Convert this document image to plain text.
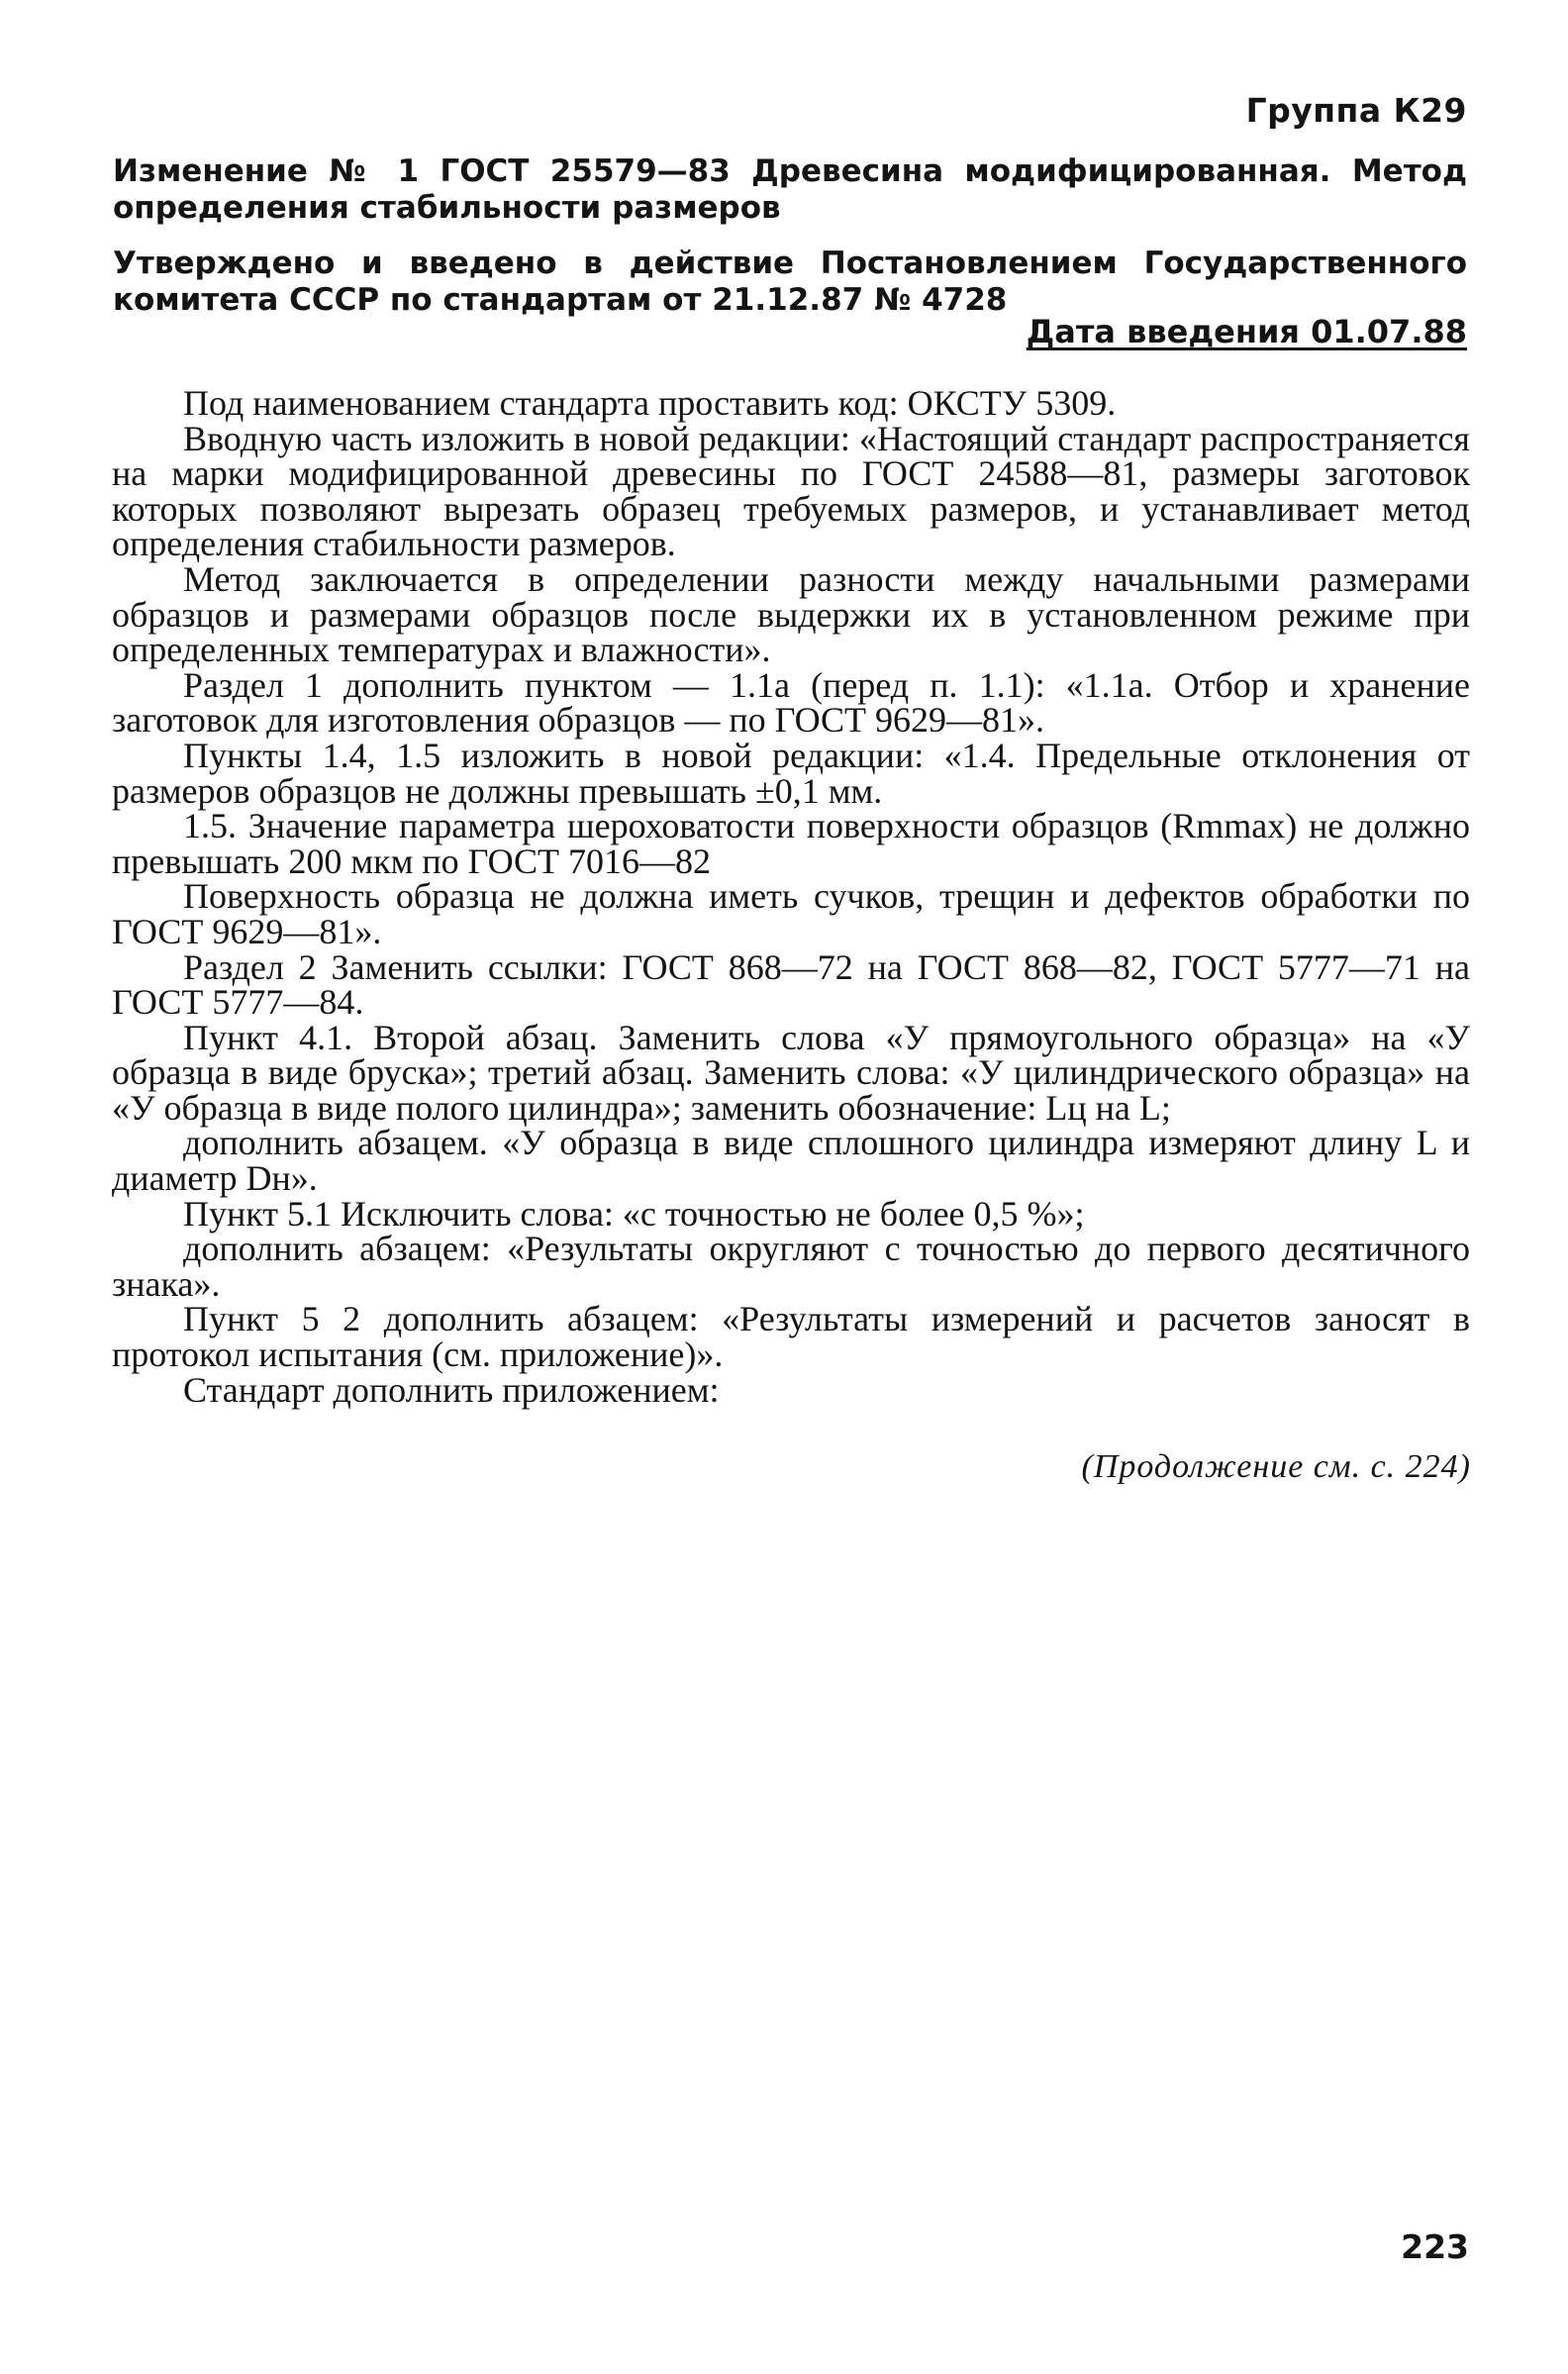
Группа К29
Изменение № 1 ГОСТ 25579—83 Древесина модифицированная. Метод определения стабильности размеров
Утверждено и введено в действие Постановлением Государственного комитета СССР по стандартам от 21.12.87 № 4728
Дата введения 01.07.88

Под наименованием стандарта проставить код: ОКСТУ 5309.

Вводную часть изложить в новой редакции: «Настоящий стандарт распространяется на марки модифицированной древесины по ГОСТ 24588—81, размеры заготовок которых позволяют вырезать образец требуемых размеров, и устанавливает метод определения стабильности размеров.

Метод заключается в определении разности между начальными размерами образцов и размерами образцов после выдержки их в установленном режиме при определенных температурах и влажности».

Раздел 1 дополнить пунктом — 1.1а (перед п. 1.1): «1.1а. Отбор и хранение заготовок для изготовления образцов — по ГОСТ 9629—81».

Пункты 1.4, 1.5 изложить в новой редакции: «1.4. Предельные отклонения от размеров образцов не должны превышать ±0,1 мм.

1.5. Значение параметра шероховатости поверхности образцов (Rmmax) не должно превышать 200 мкм по ГОСТ 7016—82

Поверхность образца не должна иметь сучков, трещин и дефектов обработки по ГОСТ 9629—81».

Раздел 2 Заменить ссылки: ГОСТ 868—72 на ГОСТ 868—82, ГОСТ 5777—71 на ГОСТ 5777—84.

Пункт 4.1. Второй абзац. Заменить слова «У прямоугольного образца» на «У образца в виде бруска»; третий абзац. Заменить слова: «У цилиндрического образца» на «У образца в виде полого цилиндра»; заменить обозначение: Lц на L;

дополнить абзацем. «У образца в виде сплошного цилиндра измеряют длину L и диаметр Dн».

Пункт 5.1 Исключить слова: «с точностью не более 0,5 %»;

дополнить абзацем: «Результаты округляют с точностью до первого десятичного знака».

Пункт 5 2 дополнить абзацем: «Результаты измерений и расчетов заносят в протокол испытания (см. приложение)».

Стандарт дополнить приложением:

(Продолжение см. с. 224)
223
